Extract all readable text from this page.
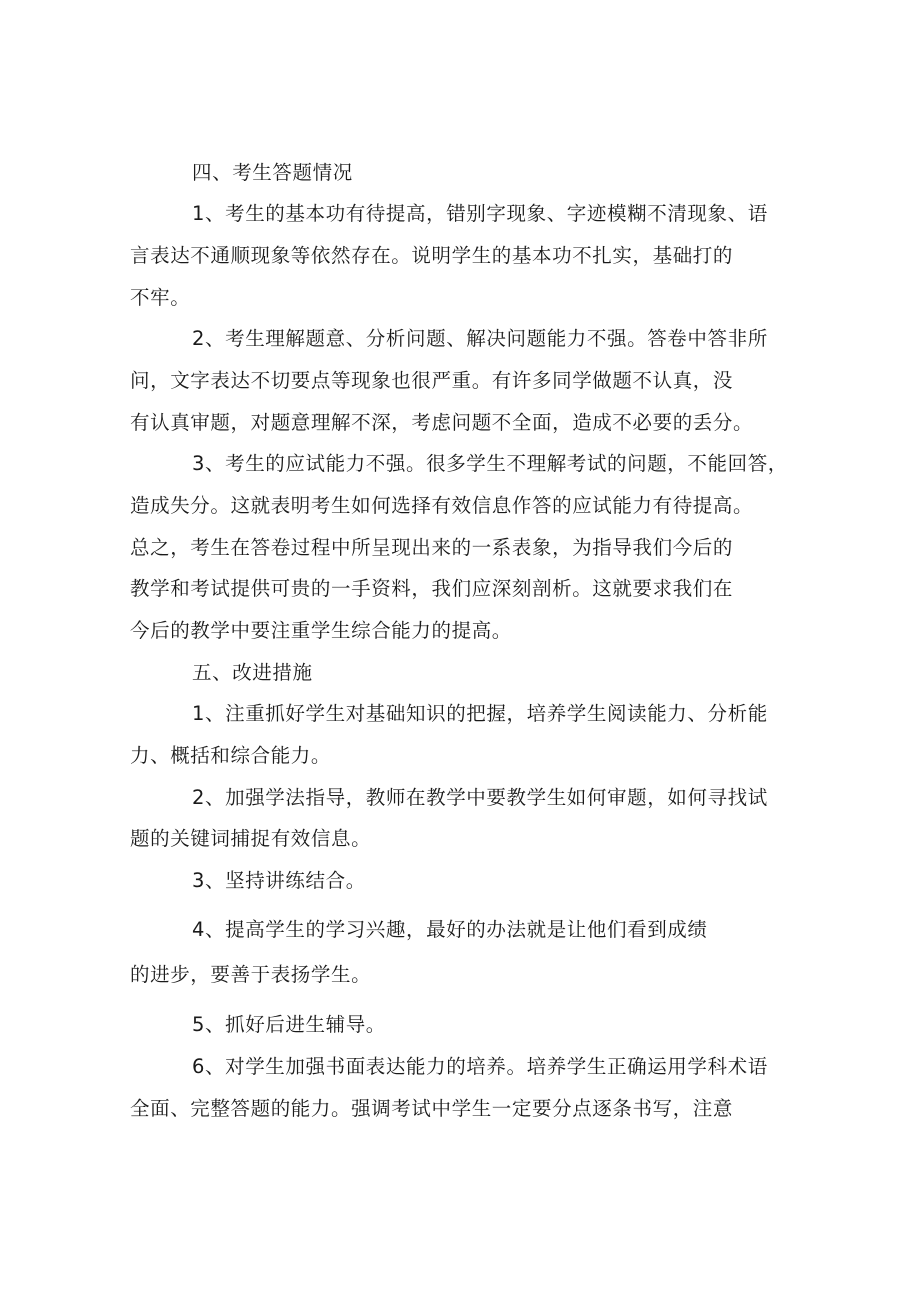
四、考生答题情况
1、考生的基本功有待提高，错别字现象、字迹模糊不清现象、语
言表达不通顺现象等依然存在。说明学生的基本功不扎实，基础打的
不牢。
2、考生理解题意、分析问题、解决问题能力不强。答卷中答非所
问，文字表达不切要点等现象也很严重。有许多同学做题不认真，没
有认真审题，对题意理解不深，考虑问题不全面，造成不必要的丢分。
3、考生的应试能力不强。很多学生不理解考试的问题，不能回答，
造成失分。这就表明考生如何选择有效信息作答的应试能力有待提高。
总之，考生在答卷过程中所呈现出来的一系表象，为指导我们今后的
教学和考试提供可贵的一手资料，我们应深刻剖析。这就要求我们在
今后的教学中要注重学生综合能力的提高。
五、改进措施
1、注重抓好学生对基础知识的把握，培养学生阅读能力、分析能
力、概括和综合能力。
2、加强学法指导，教师在教学中要教学生如何审题，如何寻找试
题的关键词捕捉有效信息。
3、坚持讲练结合。
4、提高学生的学习兴趣，最好的办法就是让他们看到成绩
的进步，要善于表扬学生。
5、抓好后进生辅导。
6、对学生加强书面表达能力的培养。培养学生正确运用学科术语
全面、完整答题的能力。强调考试中学生一定要分点逐条书写，注意
